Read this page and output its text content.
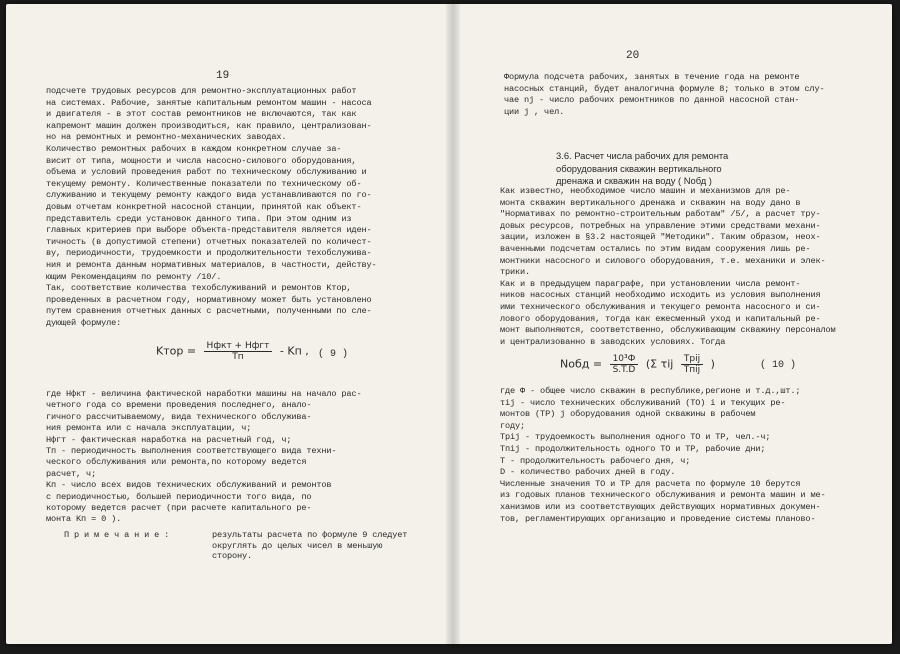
19
подсчете трудовых ресурсов для ремонтно-эксплуатационных работ
на системах. Рабочие, занятые капитальным ремонтом машин - насоса
и двигателя - в этот состав ремонтников не включаются, так как
капремонт машин должен производиться, как правило, централизован-
но на ремонтных и ремонтно-механических заводах.
Количество ремонтных рабочих в каждом конкретном случае за-
висит от типа, мощности и числа насосно-силового оборудования,
объема и условий проведения работ по техническому обслуживанию и
текущему ремонту. Количественные показатели по техническому об-
служиванию и текущему ремонту каждого вида устанавливаются по го-
довым отчетам конкретной насосной станции, принятой как объект-
представитель среди установок данного типа. При этом одним из
главных критериев при выборе объекта-представителя является иден-
тичность (в допустимой степени) отчетных показателей по количест-
ву, периодичности, трудоемкости и продолжительности техобслужива-
ния и ремонта данным нормативных материалов, в частности, действу-
ющим Рекомендациям по ремонту /10/.
Так, соответствие количества техобслуживаний и ремонтов Kтор,
проведенных в расчетном году, нормативному может быть установлено
путем сравнения отчетных данных с расчетными, полученными по сле-
дующей формуле:
Kтор = $\frac{\text{Hфкт + Hфгт}}{Tп}$ - Kп , ( 9 )
где Hфкт - величина фактической наработки машины на начало рас-
четного года со времени проведения последнего, анало-
гичного рассчитываемому, вида технического обслужива-
ния ремонта или с начала эксплуатации, ч;
Hфгт - фактическая наработка на расчетный год, ч;
Tп - периодичность выполнения соответствующего вида техни-
ческого обслуживания или ремонта,по которому ведется
расчет, ч;
Kп - число всех видов технических обслуживаний и ремонтов
с периодичностью, большей периодичности того вида, по
которому ведется расчет (при расчете капитального ре-
монта Kп = 0 ).
П р и м е ч а н и е :	результаты расчета по формуле 9 следует
округлять до целых чисел в меньшую
сторону.
20
Формула подсчета рабочих, занятых в течение года на ремонте
насосных станций, будет аналогична формуле 8; только в этом слу-
чае nj - число рабочих ремонтников по данной насосной стан-
ции j , чел.
3.6. Расчет числа рабочих для ремонта
оборудования скважин вертикального
дренажа и скважин на воду ( Nобд )
Как известно, необходимое число машин и механизмов для ре-
монта скважин вертикального дренажа и скважин на воду дано в
"Нормативах по ремонтно-строительным работам" /5/, а расчет тру-
довых ресурсов, потребных на управление этими средствами механи-
зации, изложен в §3.2 настоящей "Методики". Таким образом, неох-
ваченными подсчетам остались по этим видам сооружения лишь ре-
монтники насосного и силового оборудования, т.е. механики и элек-
трики.
Как и в предыдущем параграфе, при установлении числа ремонт-
ников насосных станций необходимо исходить из условия выполнения
ими технического обслуживания и текущего ремонта насосного и си-
лового оборудования, тогда как ежесменный уход и капитальный ре-
монт выполняются, соответственно, обслуживающим скважину персоналом
и централизованно в заводских условиях. Тогда
Nобд = $\frac{\text{10³Ф}}{S.T.D} (\Sigma$ τij $\frac{\text{Tpij}}{\text{Tпij}}$ )	( 10 )
где Ф - общее число скважин в республике,регионе и т.д.,шт.;
τij - число технических обслуживаний (ТО) i и текущих ре-
монтов (ТР) j оборудования одной скважины в рабочем
году;
Tpij - трудоемкость выполнения одного ТО и ТР, чел.-ч;
Tпij - продолжительность одного ТО и ТР, рабочие дни;
T - продолжительность рабочего дня, ч;
D - количество рабочих дней в году.
Численные значения ТО и ТР для расчета по формуле 10 берутся
из годовых планов технического обслуживания и ремонта машин и ме-
ханизмов или из соответствующих действующих нормативных докумен-
тов, регламентирующих организацию и проведение системы планово-
